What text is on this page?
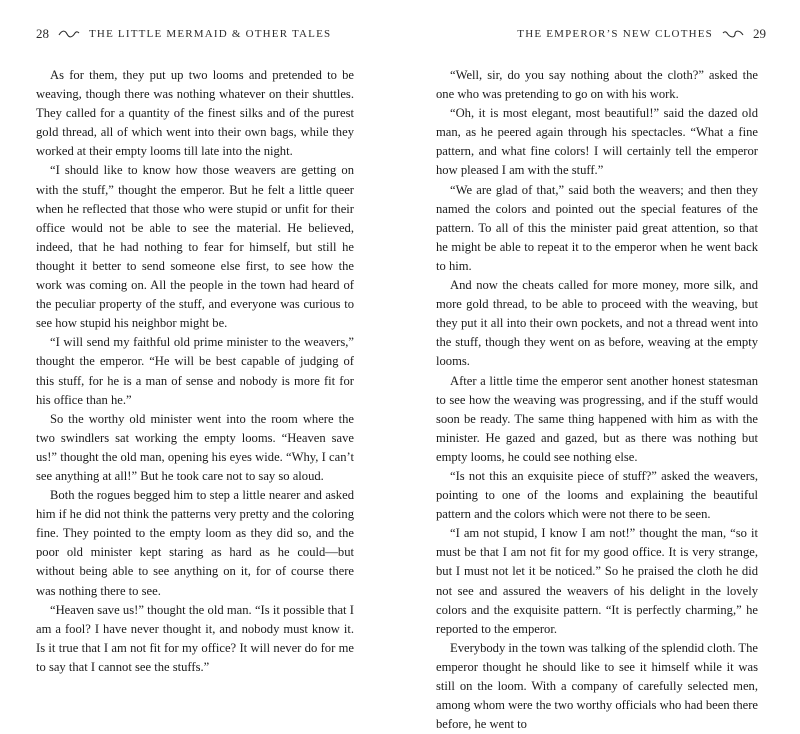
28	THE LITTLE MERMAID & OTHER TALES

As for them, they put up two looms and pretended to be weaving, though there was nothing whatever on their shuttles. They called for a quantity of the finest silks and of the purest gold thread, all of which went into their own bags, while they worked at their empty looms till late into the night.

“I should like to know how those weavers are getting on with the stuff,” thought the emperor. But he felt a little queer when he reflected that those who were stupid or unfit for their office would not be able to see the material. He believed, indeed, that he had nothing to fear for himself, but still he thought it better to send someone else first, to see how the work was coming on. All the people in the town had heard of the peculiar property of the stuff, and everyone was curious to see how stupid his neighbor might be.

“I will send my faithful old prime minister to the weavers,” thought the emperor. “He will be best capable of judging of this stuff, for he is a man of sense and nobody is more fit for his office than he.”

So the worthy old minister went into the room where the two swindlers sat working the empty looms. “Heaven save us!” thought the old man, opening his eyes wide. “Why, I can’t see anything at all!” But he took care not to say so aloud.

Both the rogues begged him to step a little nearer and asked him if he did not think the patterns very pretty and the coloring fine. They pointed to the empty loom as they did so, and the poor old minister kept staring as hard as he could—but without being able to see anything on it, for of course there was nothing there to see.

“Heaven save us!” thought the old man. “Is it possible that I am a fool? I have never thought it, and nobody must know it. Is it true that I am not fit for my office? It will never do for me to say that I cannot see the stuffs.”

THE EMPEROR’S NEW CLOTHES	29

“Well, sir, do you say nothing about the cloth?” asked the one who was pretending to go on with his work.

“Oh, it is most elegant, most beautiful!” said the dazed old man, as he peered again through his spectacles. “What a fine pattern, and what fine colors! I will certainly tell the emperor how pleased I am with the stuff.”

“We are glad of that,” said both the weavers; and then they named the colors and pointed out the special features of the pattern. To all of this the minister paid great attention, so that he might be able to repeat it to the emperor when he went back to him.

And now the cheats called for more money, more silk, and more gold thread, to be able to proceed with the weaving, but they put it all into their own pockets, and not a thread went into the stuff, though they went on as before, weaving at the empty looms.

After a little time the emperor sent another honest statesman to see how the weaving was progressing, and if the stuff would soon be ready. The same thing happened with him as with the minister. He gazed and gazed, but as there was nothing but empty looms, he could see nothing else.

“Is not this an exquisite piece of stuff?” asked the weavers, pointing to one of the looms and explaining the beautiful pattern and the colors which were not there to be seen.

“I am not stupid, I know I am not!” thought the man, “so it must be that I am not fit for my good office. It is very strange, but I must not let it be noticed.” So he praised the cloth he did not see and assured the weavers of his delight in the lovely colors and the exquisite pattern. “It is perfectly charming,” he reported to the emperor.

Everybody in the town was talking of the splendid cloth. The emperor thought he should like to see it himself while it was still on the loom. With a company of carefully selected men, among whom were the two worthy officials who had been there before, he went to
